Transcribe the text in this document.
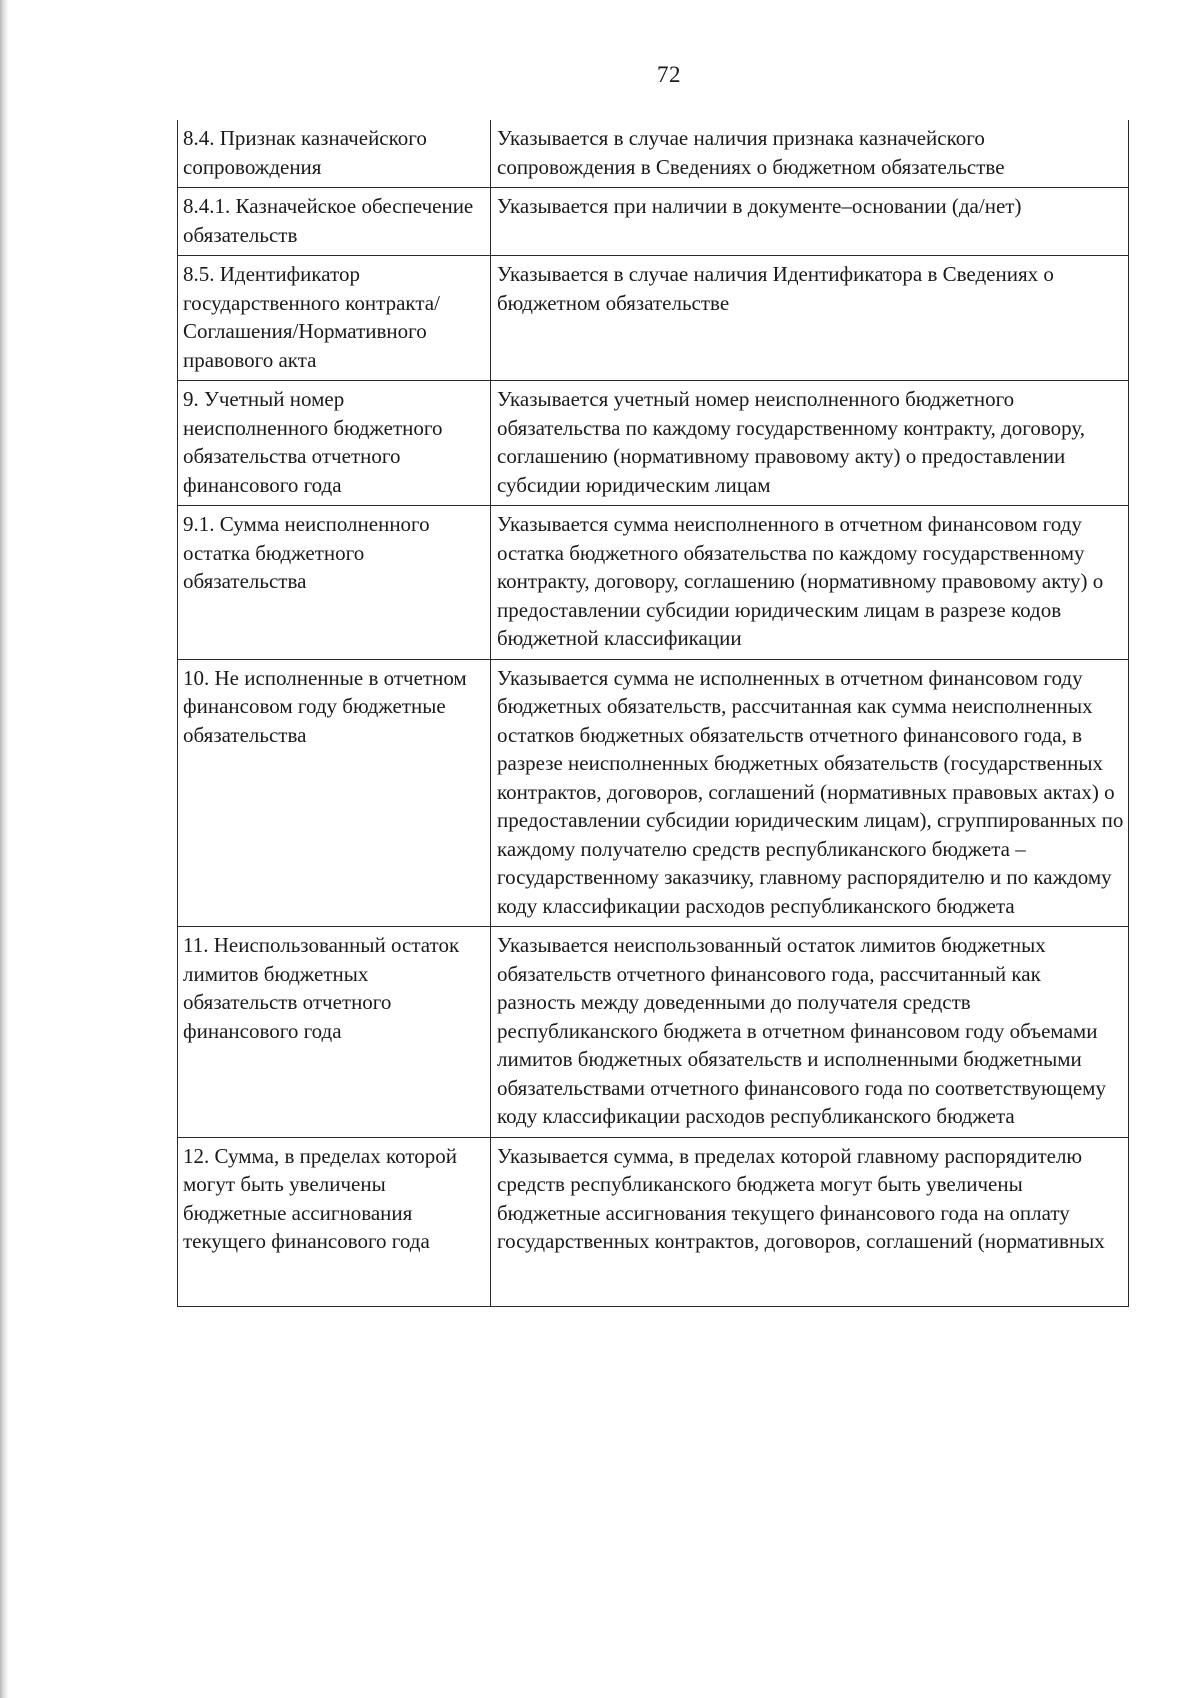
72
8.4. Признак казначейского сопровождения	Указывается в случае наличия признака казначейского сопровождения в Сведениях о бюджетном обязательстве
8.4.1. Казначейское обеспечение обязательств	Указывается при наличии в документе–основании (да/нет)
8.5. Идентификатор государственного контракта/Соглашения/Нормативного правового акта	Указывается в случае наличия Идентификатора в Сведениях о бюджетном обязательстве
9. Учетный номер неисполненного бюджетного обязательства отчетного финансового года	Указывается учетный номер неисполненного бюджетного обязательства по каждому государственному контракту, договору, соглашению (нормативному правовому акту) о предоставлении субсидии юридическим лицам
9.1. Сумма неисполненного остатка бюджетного обязательства	Указывается сумма неисполненного в отчетном финансовом году остатка бюджетного обязательства по каждому государственному контракту, договору, соглашению (нормативному правовому акту) о предоставлении субсидии юридическим лицам в разрезе кодов бюджетной классификации
10. Не исполненные в отчетном финансовом году бюджетные обязательства	Указывается сумма не исполненных в отчетном финансовом году бюджетных обязательств, рассчитанная как сумма неисполненных остатков бюджетных обязательств отчетного финансового года, в разрезе неисполненных бюджетных обязательств (государственных контрактов, договоров, соглашений (нормативных правовых актах) о предоставлении субсидии юридическим лицам), сгруппированных по каждому получателю средств республиканского бюджета – государственному заказчику, главному распорядителю и по каждому коду классификации расходов республиканского бюджета
11. Неиспользованный остаток лимитов бюджетных обязательств отчетного финансового года	Указывается неиспользованный остаток лимитов бюджетных обязательств отчетного финансового года, рассчитанный как разность между доведенными до получателя средств республиканского бюджета в отчетном финансовом году объемами лимитов бюджетных обязательств и исполненными бюджетными обязательствами отчетного финансового года по соответствующему коду классификации расходов республиканского бюджета
12. Сумма, в пределах которой могут быть увеличены бюджетные ассигнования текущего финансового года	Указывается сумма, в пределах которой главному распорядителю средств республиканского бюджета могут быть увеличены бюджетные ассигнования текущего финансового года на оплату государственных контрактов, договоров, соглашений (нормативных
